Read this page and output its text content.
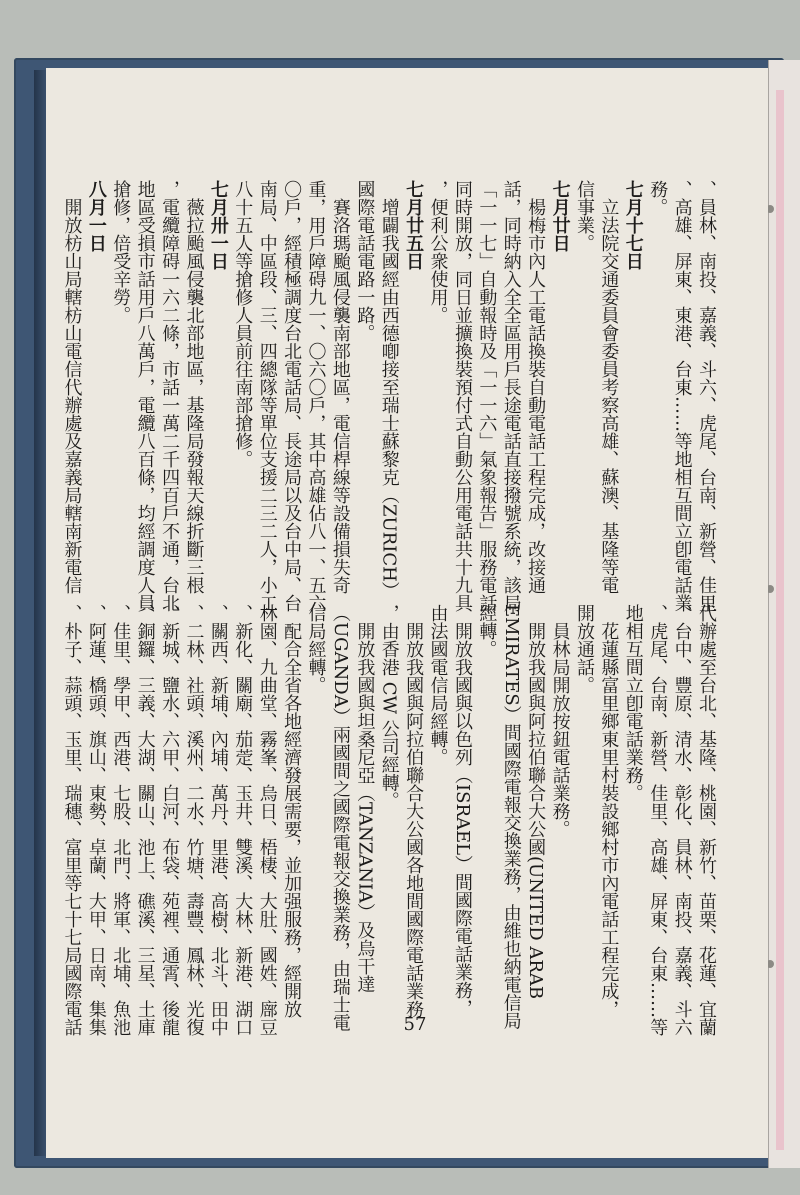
、員林、南投、嘉義、斗六、虎尾、台南、新營、佳里

、高雄、屏東、東港、台東……等地相互間立卽電話業

務。

七月十七日

　立法院交通委員會委員考察高雄、蘇澳、基隆等電

信事業。

七月廿日

　楊梅市內人工電話換裝自動電話工程完成，改接通

話，同時納入全全區用戶長途電話直接撥號系統，該局

「一一七」自動報時及「一一六」氣象報告」服務電話

同時開放，同日並擴換裝預付式自動公用電話共十九具

，便利公衆使用。

七月廿五日

　增闢我國經由西德喞接至瑞士蘇黎克（ZURICH）

國際電話電路一路。

　賽洛瑪颱風侵襲南部地區，電信桿線等設備損失奇

重，用戶障碍九一、〇六〇戶，其中高雄佔八一、五六

〇戶，經積極調度台北電話局、長途局以及台中局、台

南局、中區段、三、四總隊等單位支援二三二人，小工

八十五人等搶修人員前往南部搶修。

七月卅一日

　薇拉颱風侵襲北部地區，基隆局發報天線折斷三根

，電纜障碍一六二條，市話一萬二千四百戶不通，台北

地區受損市話用戶八萬戶，電纜八百條，均經調度人員

搶修，倍受辛勞。

八月一日

　開放枋山局轄枋山電信代辦處及嘉義局轄南新電信

代辦處至台北、基隆、桃園、新竹、苗栗、花蓮、宜蘭

、台中、豐原、清水、彰化、員林、南投、嘉義、斗六

、虎尾、台南、新營、佳里、高雄、屏東、台東……等

地相互間立卽電話業務。

　花蓮縣富里鄉東里村裝設鄉村市內電話工程完成，

開放通話。

　員林局開放按鈕電話業務。

　開放我國與阿拉伯聯合大公國(UNITED ARAB

EMIRATES）間國際電報交換業務，由維也納電信局

經轉。

　開放我國與以色列（ISRAEL）間國際電話業務，

由法國電信局經轉。

　開放我國與阿拉伯聯合大公國各地間國際電話業務

，由香港 CW 公司經轉。

　開放我國與坦桑尼亞（TANZANIA）及烏干達

（UGANDA）兩國間之國際電報交換業務，由瑞士電

信局經轉。

　配合全省各地經濟發展需要，並加强服務，經開放

林園、九曲堂、霧峯、烏日、梧棲、大肚、國姓、廍豆

、新化、關廟、茄萣、玉井、雙溪、大林、新港、湖口

、關西、新埔、內埔、萬丹、里港、高樹、北斗、田中

、二林、社頭、溪州、二水、竹塘、壽豐、鳳林、光復

、新城、鹽水、六甲、白河、布袋、苑裡、通霄、後龍

、銅鑼、三義、大湖、關山、池上、礁溪、三星、土庫

、佳里、學甲、西港、七股、北門、將軍、北埔、魚池

、阿蓮、橋頭、旗山、東勢、卓蘭、大甲、日南、集集

、朴子、蒜頭、玉里、瑞穗、富里等七十七局國際電話	57
